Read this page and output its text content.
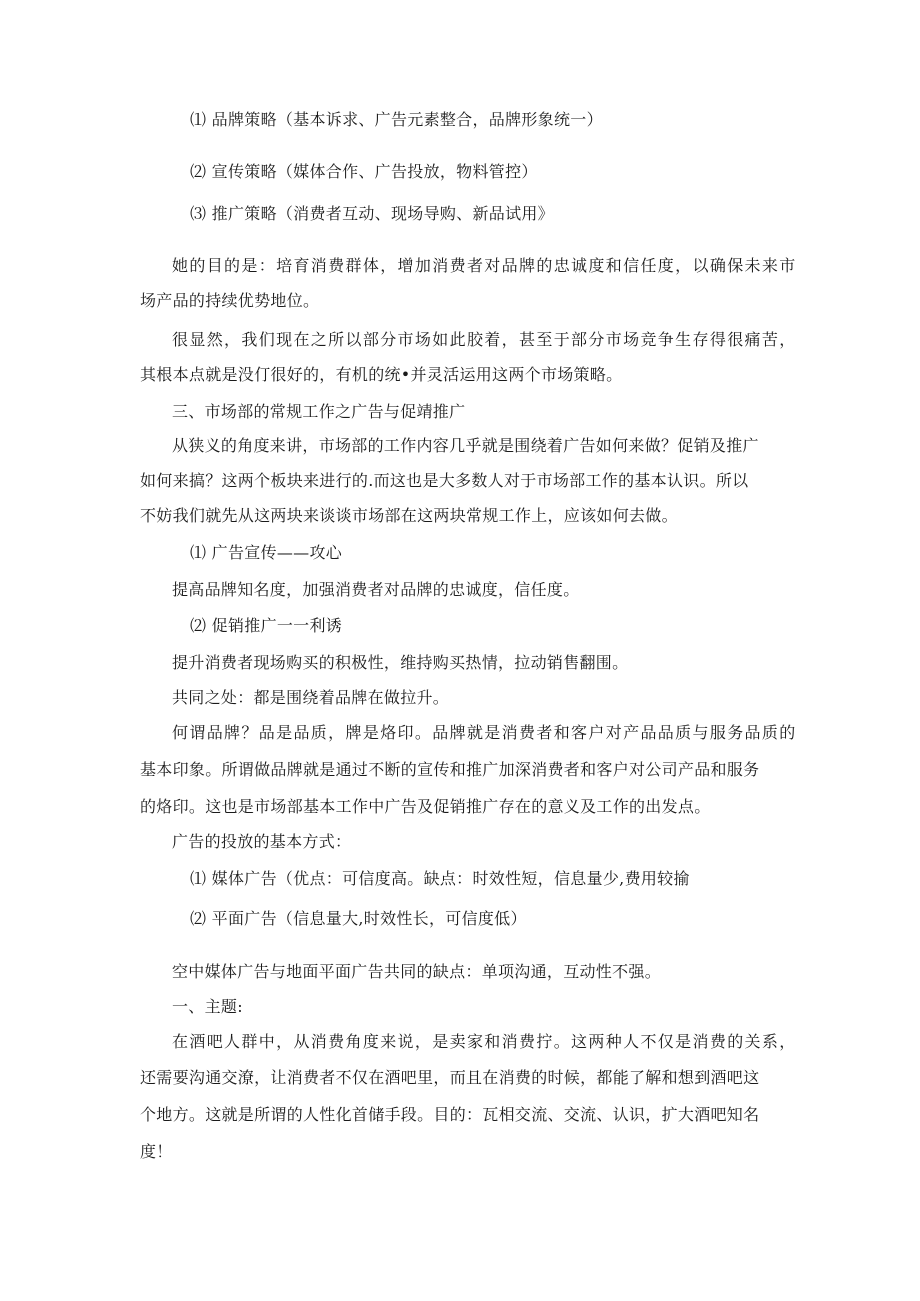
⑴ 品牌策略（基本诉求、广告元素整合，品牌形象统一）
⑵ 宣传策略（媒体合作、广告投放，物料管控）
⑶ 推广策略（消费者互动、现场导购、新品试用》
她的目的是：培育消费群体，增加消费者对品牌的忠诚度和信任度，以确保未来市
场产品的持续优势地位。
很显然，我们现在之所以部分市场如此胶着，甚至于部分市场竞争生存得很痛苦，
其根本点就是没仃很好的，有机的统•并灵活运用这两个市场策略。
三、市场部的常规工作之广告与促靖推广
从狭义的角度来讲，市场部的工作内容几乎就是围绕着广告如何来做？促销及推广
如何来搞？这两个板块来进行的.而这也是大多数人对于市场部工作的基本认识。所以
不妨我们就先从这两块来谈谈市场部在这两块常规工作上，应该如何去做。
⑴ 广告宣传——攻心
提高品牌知名度，加强消费者对品牌的忠诚度，信任度。
⑵ 促销推广一一利诱
提升消费者现场购买的积极性，维持购买热情，拉动销售翻围。
共同之处：都是围绕着品牌在做拉升。
何谓品牌？品是品质，牌是烙印。品牌就是消费者和客户对产品品质与服务品质的
基本印象。所谓做品牌就是通过不断的宣传和推广加深消费者和客户对公司产品和服务
的烙印。这也是市场部基本工作中广告及促销推广存在的意义及工作的出发点。
广告的投放的基本方式：
⑴ 媒体广告（优点：可信度高。缺点：时效性短，信息量少,费用较揄
⑵ 平面广告（信息量大,时效性长，可信度低）
空中媒体广告与地面平面广告共同的缺点：单项沟通，互动性不强。
一、主题:
在酒吧人群中，从消费角度来说，是卖家和消费拧。这两种人不仅是消费的关系，
还需要沟通交潦，让消费者不仅在酒吧里，而且在消费的时候，都能了解和想到酒吧这
个地方。这就是所谓的人性化首储手段。目的：瓦相交流、交流、认识，扩大酒吧知名
度！
